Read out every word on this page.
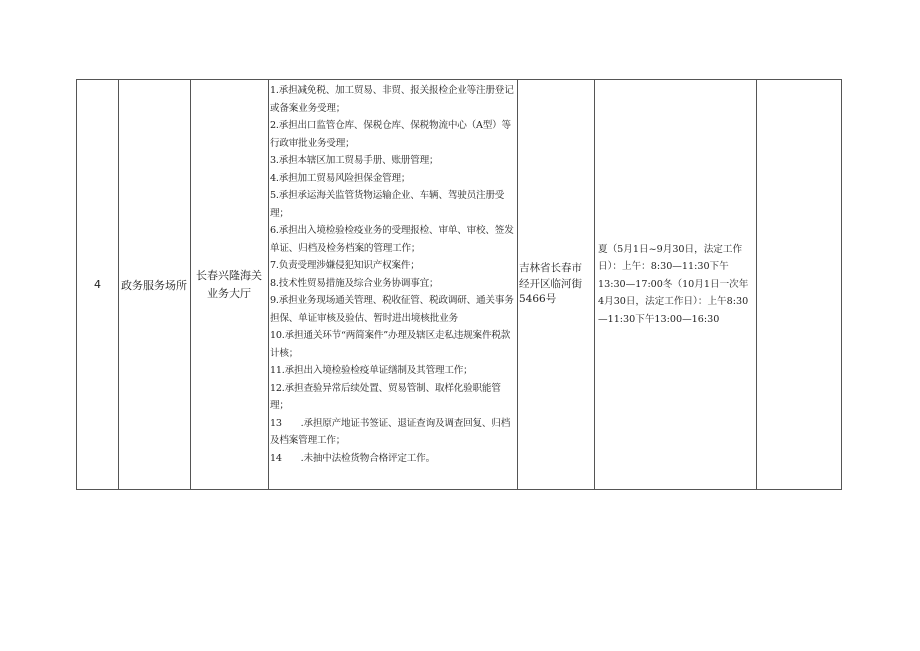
4	政务服务场所
长春兴隆海关业务大厅
1.承担减免税、加工贸易、非贸、报关报检企业等注册登记或备案业务受理；
2.承担出口监管仓库、保税仓库、保税物流中心（A型）等行政审批业务受理；
3.承担本辖区加工贸易手册、账册管理；
4.承担加工贸易风险担保金管理；
5.承担承运海关监管货物运输企业、车辆、驾驶员注册受理；
6.承担出入境检验检疫业务的受理报检、审单、审校、签发单证、归档及检务档案的管理工作；
7.负责受理涉嫌侵犯知识产权案件；
8.技术性贸易措施及综合业务协调事宜；
9.承担业务现场通关管理、税收征管、税政调研、通关事务担保、单证审核及验估、暂时进出境核批业务
10.承担通关环节“两简案件”办理及辖区走私违规案件税款计核；
11.承担出入境检验检疫单证缮制及其管理工作；
12.承担查验异常后续处置、贸易管制、取样化验职能管理；
13　　.承担原产地证书签证、退证查询及调查回复、归档及档案管理工作；
14　　.未抽中法检货物合格评定工作。
吉林省长春市经开区临河街5466号
夏（5月1日~9月30日，法定工作日）：上午：8:30—11:30下午13:30—17:00冬（10月1日一次年4月30日，法定工作日）：上午8:30—11:30下午13:00—16:30
